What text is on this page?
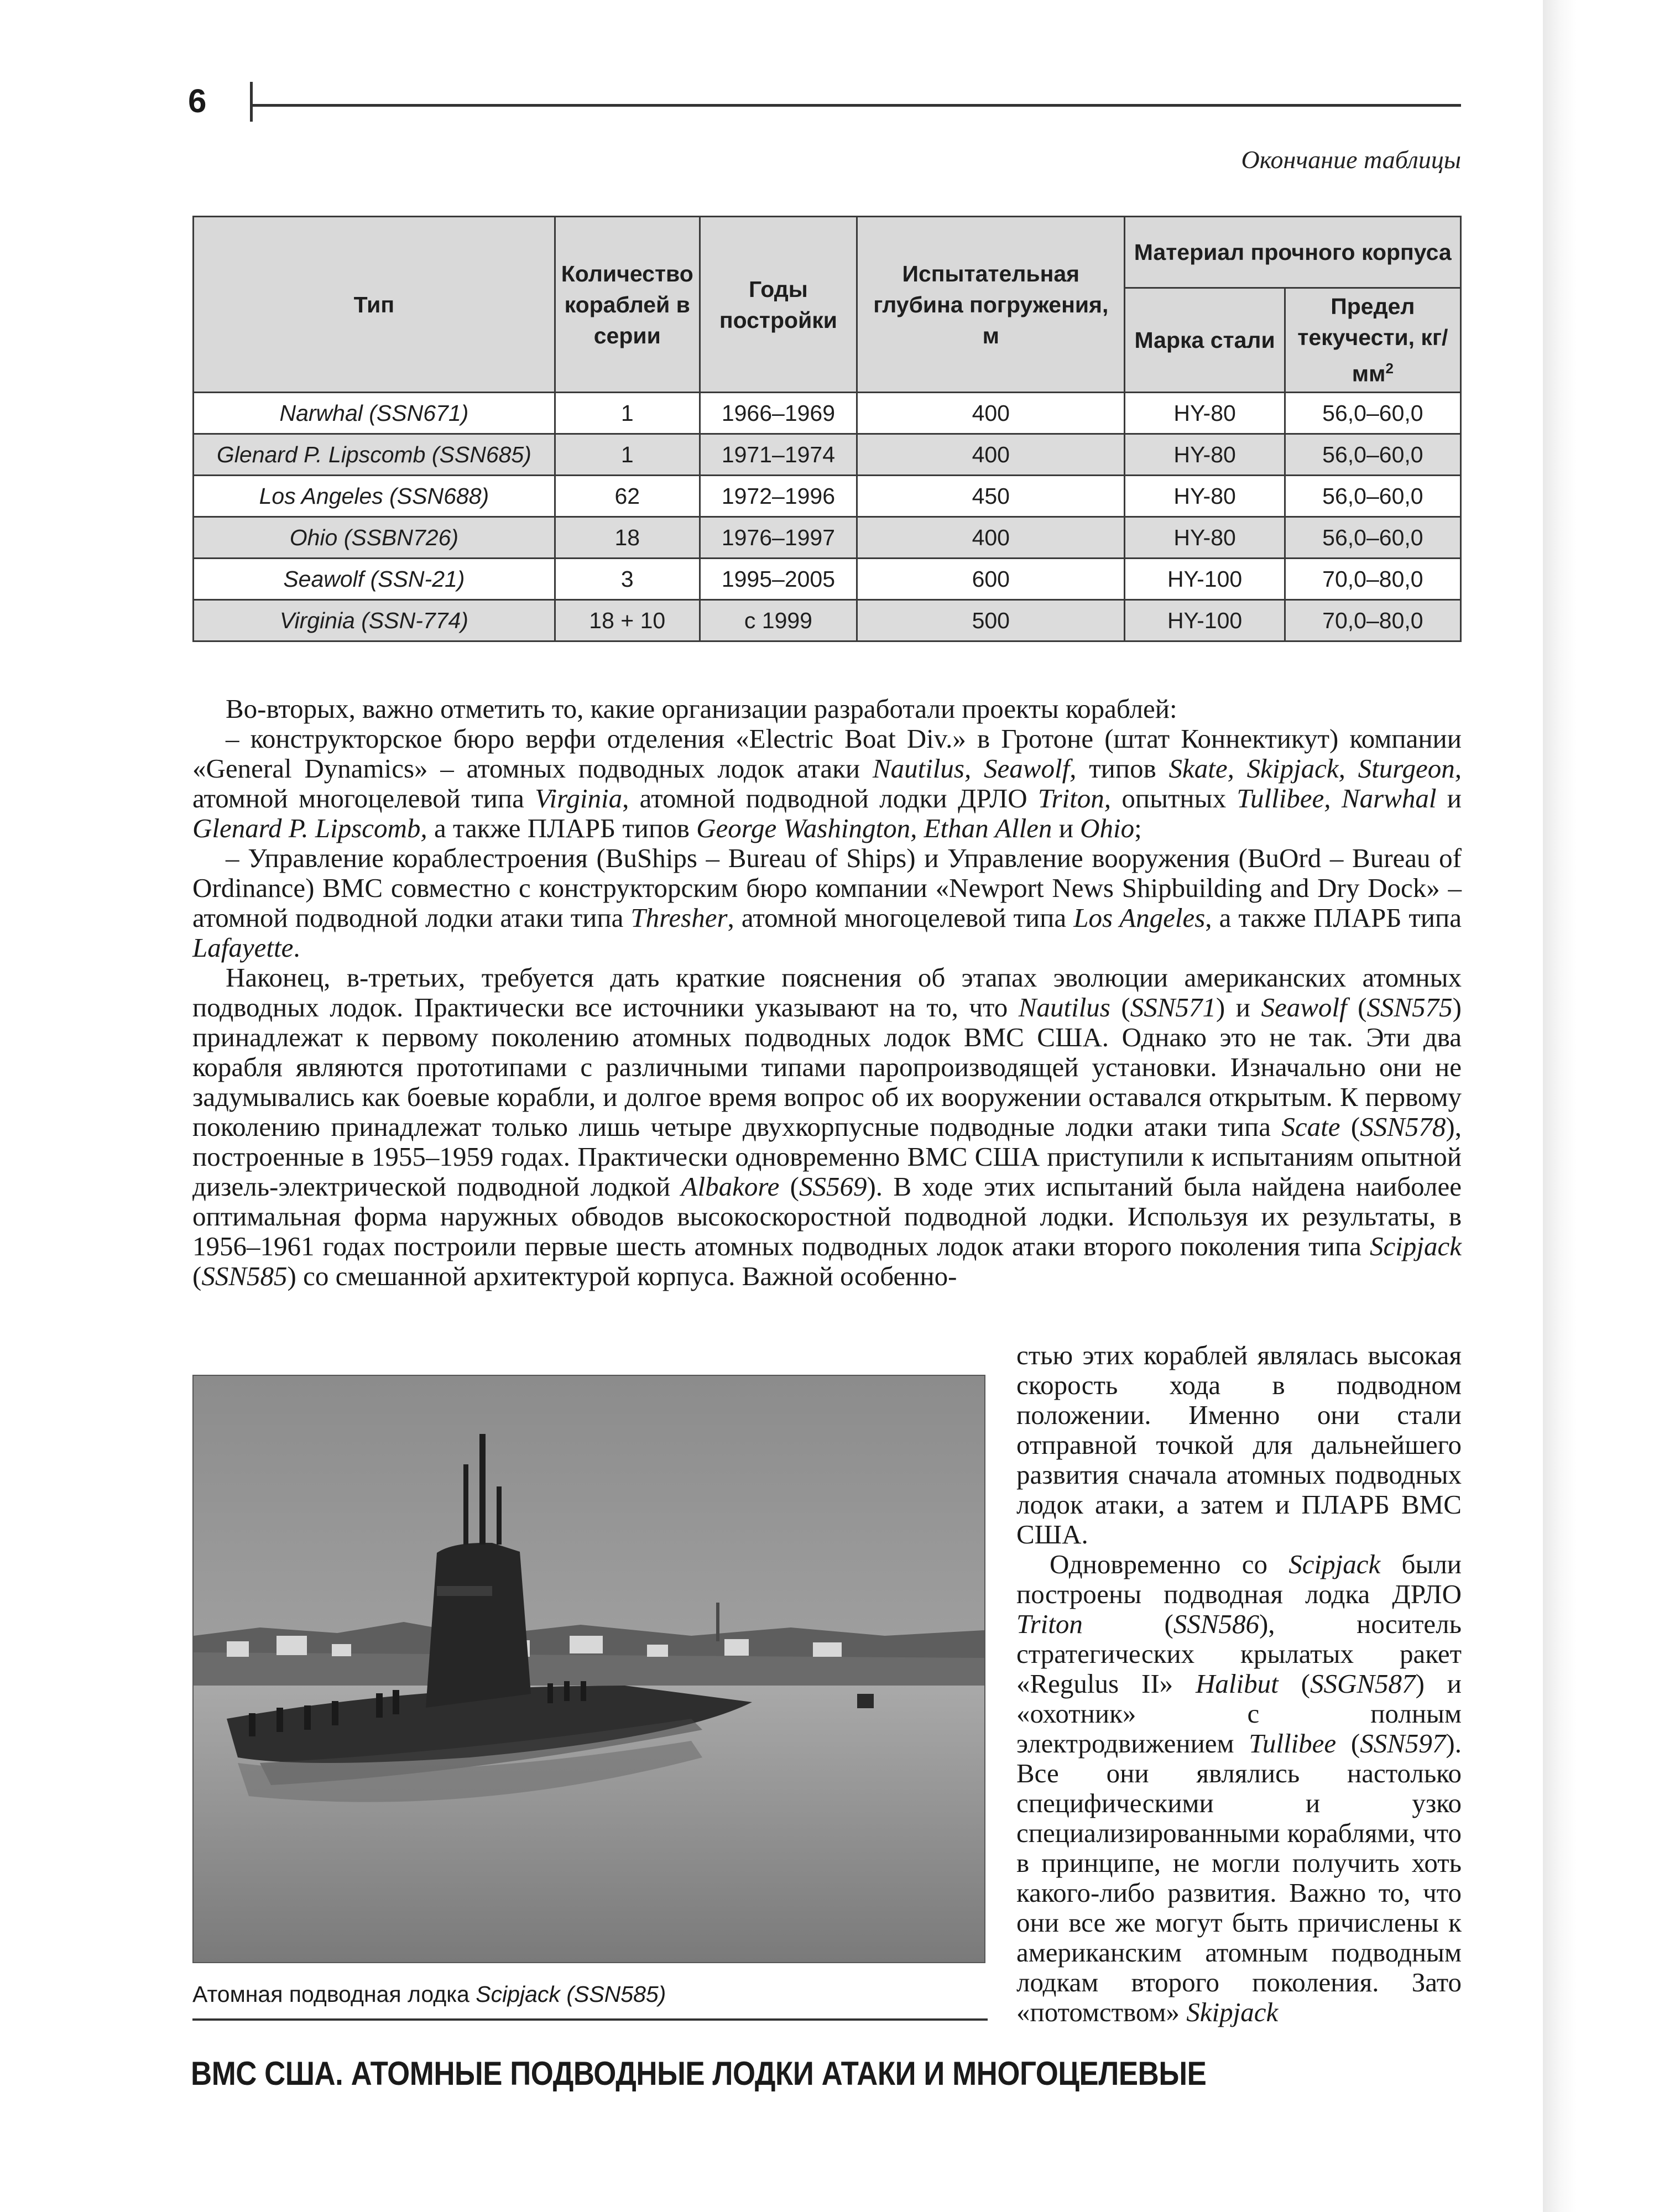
6
Окончание таблицы
Тип	Количество кораблей в серии	Годы постройки	Испытательная глубина погружения, м	Материал прочного корпуса	
				Марка стали	Предел текучести, $кг/мм^2$
Narwhal (SSN671)	1	1966–1969	400	HY-80	56,0–60,0
Glenard P. Lipscomb (SSN685)	1	1971–1974	400	HY-80	56,0–60,0
Los Angeles (SSN688)	62	1972–1996	450	HY-80	56,0–60,0
Ohio (SSBN726)	18	1976–1997	400	HY-80	56,0–60,0
Seawolf (SSN-21)	3	1995–2005	600	HY-100	70,0–80,0
Virginia (SSN-774)	18 + 10	с 1999	500	HY-100	70,0–80,0

Во-вторых, важно отметить то, какие организации разработали проекты кораблей:

– конструкторское бюро верфи отделения «Electric Boat Div.» в Гротоне (штат Коннектикут) компании «General Dynamics» – атомных подводных лодок атаки Nautilus, Seawolf, типов Skate, Skipjack, Sturgeon, атомной многоцелевой типа Virginia, атомной подводной лодки ДРЛО Triton, опытных Tullibee, Narwhal и Glenard P. Lipscomb, а также ПЛАРБ типов George Washington, Ethan Allen и Ohio;

– Управление кораблестроения (BuShips – Bureau of Ships) и Управление вооружения (BuOrd – Bureau of Ordinance) ВМС совместно с конструкторским бюро компании «Newport News Shipbuilding and Dry Dock» – атомной подводной лодки атаки типа Thresher, атомной многоцелевой типа Los Angeles, а также ПЛАРБ типа Lafayette.

Наконец, в-третьих, требуется дать краткие пояснения об этапах эволюции американских атомных подводных лодок. Практически все источники указывают на то, что Nautilus (SSN571) и Seawolf (SSN575) принадлежат к первому поколению атомных подводных лодок ВМС США. Однако это не так. Эти два корабля являются прототипами с различными типами паропроизводящей установки. Изначально они не задумывались как боевые корабли, и долгое время вопрос об их вооружении оставался открытым. К первому поколению принадлежат только лишь четыре двухкорпусные подводные лодки атаки типа Scate (SSN578), построенные в 1955–1959 годах. Практически одновременно ВМС США приступили к испытаниям опытной дизель-электрической подводной лодкой Albakore (SS569). В ходе этих испытаний была найдена наиболее оптимальная форма наружных обводов высокоскоростной подводной лодки. Используя их результаты, в 1956–1961 годах построили первые шесть атомных подводных лодок атаки второго поколения типа Scipjack (SSN585) со смешанной архитектурой корпуса. Важной особенно-

Атомная подводная лодка Scipjack (SSN585)

стью этих кораблей являлась высокая скорость хода в подводном положении. Именно они стали отправной точкой для дальнейшего развития сначала атомных подводных лодок атаки, а затем и ПЛАРБ ВМС США.

Одновременно со Scipjack были построены подводная лодка ДРЛО Triton (SSN586), носитель стратегических крылатых ракет «Regulus II» Halibut (SSGN587) и «охотник» с полным электродвижением Tullibee (SSN597). Все они являлись настолько специфическими и узко специализированными кораблями, что в принципе, не могли получить хоть какого-либо развития. Важно то, что они все же могут быть причислены к американским атомным подводным лодкам второго поколения. Зато «потомством» Skipjack

ВМС США. АТОМНЫЕ ПОДВОДНЫЕ ЛОДКИ АТАКИ И МНОГОЦЕЛЕВЫЕ
